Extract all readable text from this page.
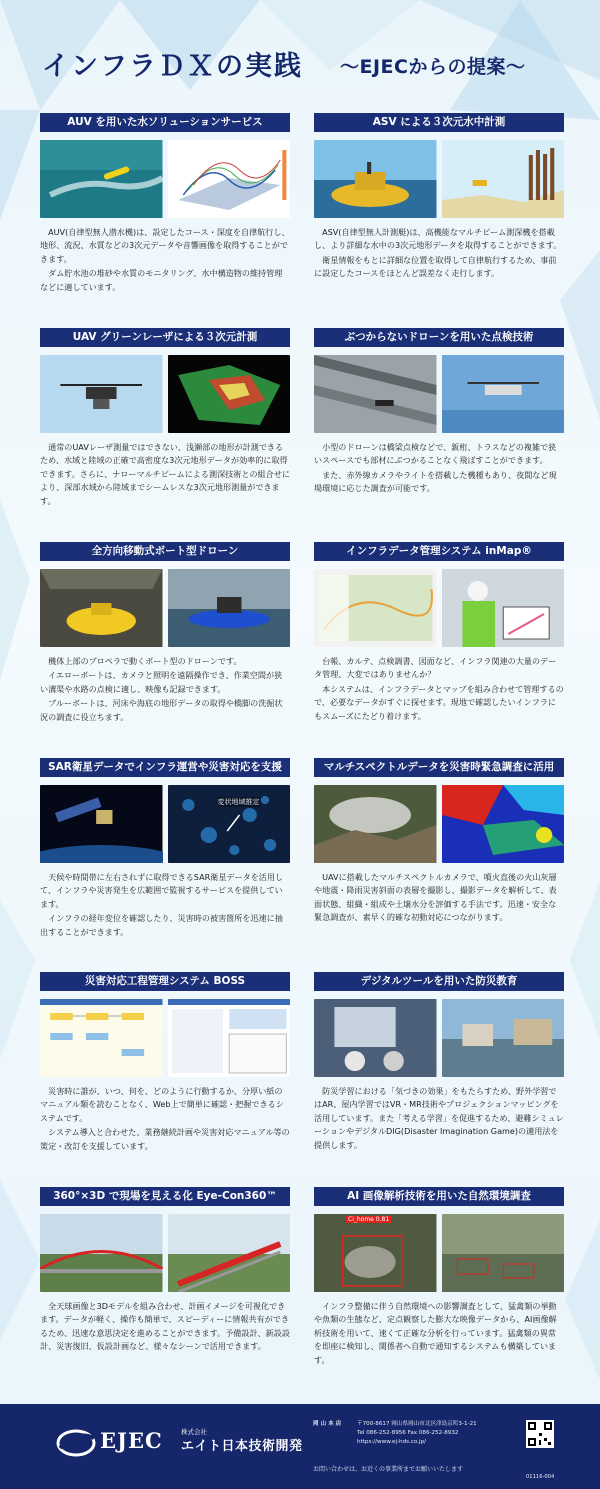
インフラＤＸの実践 ～EJECからの提案～
AUV を用いた水ソリューションサービス

AUV(自律型無人潜水機)は、設定したコース・深度を自律航行し、地形、流況、水質などの3次元データや音響画像を取得することができます。

ダム貯水池の堆砂や水質のモニタリング、水中構造物の維持管理などに適しています。

ASV による３次元水中計測

ASV(自律型無人計測艇)は、高機能なマルチビーム測深機を搭載し、より詳細な水中の3次元地形データを取得することができます。

衛星情報をもとに詳細な位置を取得して自律航行するため、事前に設定したコースをほとんど誤差なく走行します。

UAV グリーンレーザによる３次元計測

通常のUAVレーザ測量ではできない、浅瀬部の地形が計測できるため、水域と陸域の正確で高密度な3次元地形データが効率的に取得できます。さらに、ナローマルチビームによる測深技術との組合せにより、深部水域から陸域までシームレスな3次元地形測量ができます。

ぶつからないドローンを用いた点検技術

小型のドローンは橋梁点検などで、鈑桁、トラスなどの複雑で狭いスペースでも部材にぶつかることなく飛ばすことができます。

また、赤外線カメラやライトを搭載した機種もあり、夜間など現場環境に応じた調査が可能です。

全方向移動式ボート型ドローン

機体上部のプロペラで動くボート型のドローンです。

イエローボートは、カメラと照明を遠隔操作でき、作業空間が狭い溝渠や水路の点検に適し、映像も記録できます。

ブルーボートは、河床や海底の地形データの取得や橋脚の洗掘状況の調査に役立ちます。

インフラデータ管理システム inMap®

台帳、カルテ、点検調書、図面など、インフラ関連の大量のデータ管理、大変ではありませんか？

本システムは、インフラデータとマップを組み合わせて管理するので、必要なデータがすぐに探せます。現地で確認したいインフラにもスムーズにたどり着けます。

SAR衛星データでインフラ運営や災害対応を支援
変状地域推定

天候や時間帯に左右されずに取得できるSAR衛星データを活用して、インフラや災害発生を広範囲で監視するサービスを提供しています。

インフラの経年変位を確認したり、災害時の被害箇所を迅速に抽出することができます。

マルチスペクトルデータを災害時緊急調査に活用

UAVに搭載したマルチスペクトルカメラで、噴火直後の火山灰層や地震・降雨災害斜面の表層を撮影し、撮影データを解析して、表面状態、組織・組成や土壌水分を評価する手法です。迅速・安全な緊急調査が、素早く的確な初動対応につながります。

災害対応工程管理システム BOSS

災害時に誰が、いつ、何を、どのように行動するか、分厚い紙のマニュアル類を読むことなく、Web上で簡単に確認・把握できるシステムです。

システム導入と合わせた、業務継続計画や災害対応マニュアル等の策定・改訂を支援しています。

デジタルツールを用いた防災教育

防災学習における「気づきの効果」をもたらすため、野外学習ではAR、屋内学習ではVR・MR技術やプロジェクションマッピングを活用しています。また「考える学習」を促進するため、避難シミュレーションやデジタルDIG(Disaster Imagination Game)の適用法を提供します。

360°×3D で現場を見える化 Eye-Con360™

全天球画像と3Dモデルを組み合わせ、計画イメージを可視化できます。データが軽く、操作も簡単で、スピーディーに情報共有ができるため、迅速な意思決定を進めることができます。予備設計、新設設計、災害復旧、仮設計画など、様々なシーンで活用できます。

AI 画像解析技術を用いた自然環境調査
Ci_home 0.81

インフラ整備に伴う自然環境への影響調査として、猛禽類の挙動や魚類の生態など、定点観察した膨大な映像データから、AI画像解析技術を用いて、速くて正確な分析を行っています。猛禽類の異常を即座に検知し、関係者へ自動で通知するシステムも構築しています。

EJEC	株式会社
エイト日本技術開発
岡 山 本 店	〒700-8617 岡山県岡山市北区津島京町3-1-21
Tel 086-252-8956 Fax 086-252-8932
https://www.ej-hds.co.jp/
お問い合わせは、お近くの事業所までお願いいたします
01116-004
